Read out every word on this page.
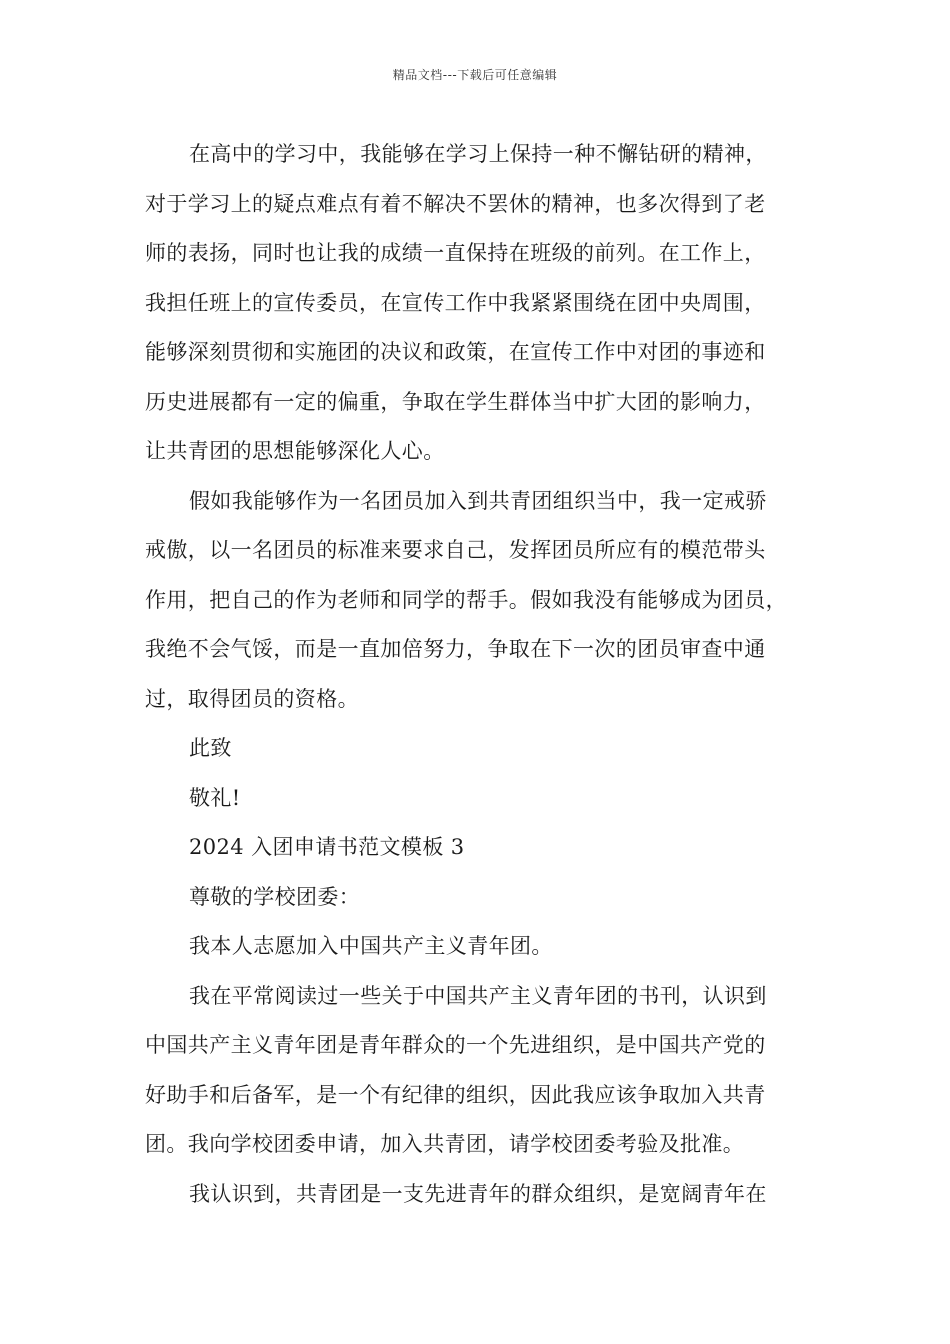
精品文档---下载后可任意编辑
在高中的学习中，我能够在学习上保持一种不懈钻研的精神，
对于学习上的疑点难点有着不解决不罢休的精神，也多次得到了老
师的表扬，同时也让我的成绩一直保持在班级的前列。在工作上，
我担任班上的宣传委员，在宣传工作中我紧紧围绕在团中央周围，
能够深刻贯彻和实施团的决议和政策，在宣传工作中对团的事迹和
历史进展都有一定的偏重，争取在学生群体当中扩大团的影响力，
让共青团的思想能够深化人心。
假如我能够作为一名团员加入到共青团组织当中，我一定戒骄
戒傲，以一名团员的标准来要求自己，发挥团员所应有的模范带头
作用，把自己的作为老师和同学的帮手。假如我没有能够成为团员，
我绝不会气馁，而是一直加倍努力，争取在下一次的团员审查中通
过，取得团员的资格。
此致
敬礼!
2024 入团申请书范文模板 3
尊敬的学校团委：
我本人志愿加入中国共产主义青年团。
我在平常阅读过一些关于中国共产主义青年团的书刊，认识到
中国共产主义青年团是青年群众的一个先进组织，是中国共产党的
好助手和后备军，是一个有纪律的组织，因此我应该争取加入共青
团。我向学校团委申请，加入共青团，请学校团委考验及批准。
我认识到，共青团是一支先进青年的群众组织，是宽阔青年在
